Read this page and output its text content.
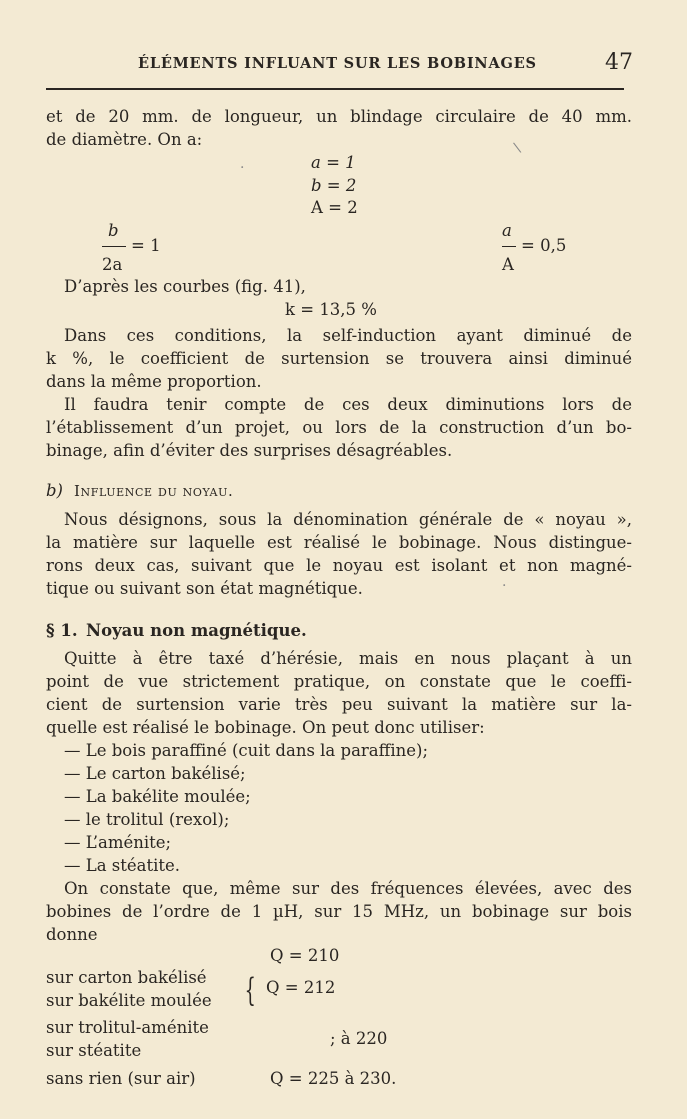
ÉLÉMENTS INFLUANT SUR LES BOBINAGES	47
et de 20 mm. de longueur, un blindage circulaire de 40 mm.
de diamètre. On a:
a = 1
b = 2
A = 2
b
= 1
2a
a
= 0,5
A
D’après les courbes (fig. 41),
k = 13,5 %
Dans ces conditions, la self-induction ayant diminué de
k %, le coefficient de surtension se trouvera ainsi diminué
dans la même proportion.
Il faudra tenir compte de ces deux diminutions lors de
l’établissement d’un projet, ou lors de la construction d’un bo-
binage, afin d’éviter des surprises désagréables.
b) Influence du noyau.
Nous désignons, sous la dénomination générale de « noyau »,
la matière sur laquelle est réalisé le bobinage. Nous distingue-
rons deux cas, suivant que le noyau est isolant et non magné-
tique ou suivant son état magnétique.
§ 1. Noyau non magnétique.
Quitte à être taxé d’hérésie, mais en nous plaçant à un
point de vue strictement pratique, on constate que le coeffi-
cient de surtension varie très peu suivant la matière sur la-
quelle est réalisé le bobinage. On peut donc utiliser:
— Le bois paraffiné (cuit dans la paraffine);
— Le carton bakélisé;
— La bakélite moulée;
— le trolitul (rexol);
— L’aménite;
— La stéatite.
On constate que, même sur des fréquences élevées, avec des
bobines de l’ordre de 1 µH, sur 15 MHz, un bobinage sur bois
donne
Q = 210
sur carton bakélisé
sur bakélite moulée { Q = 212
sur trolitul-aménite
sur stéatite
; à 220
sans rien (sur air)	Q = 225 à 230.
\
·
·
